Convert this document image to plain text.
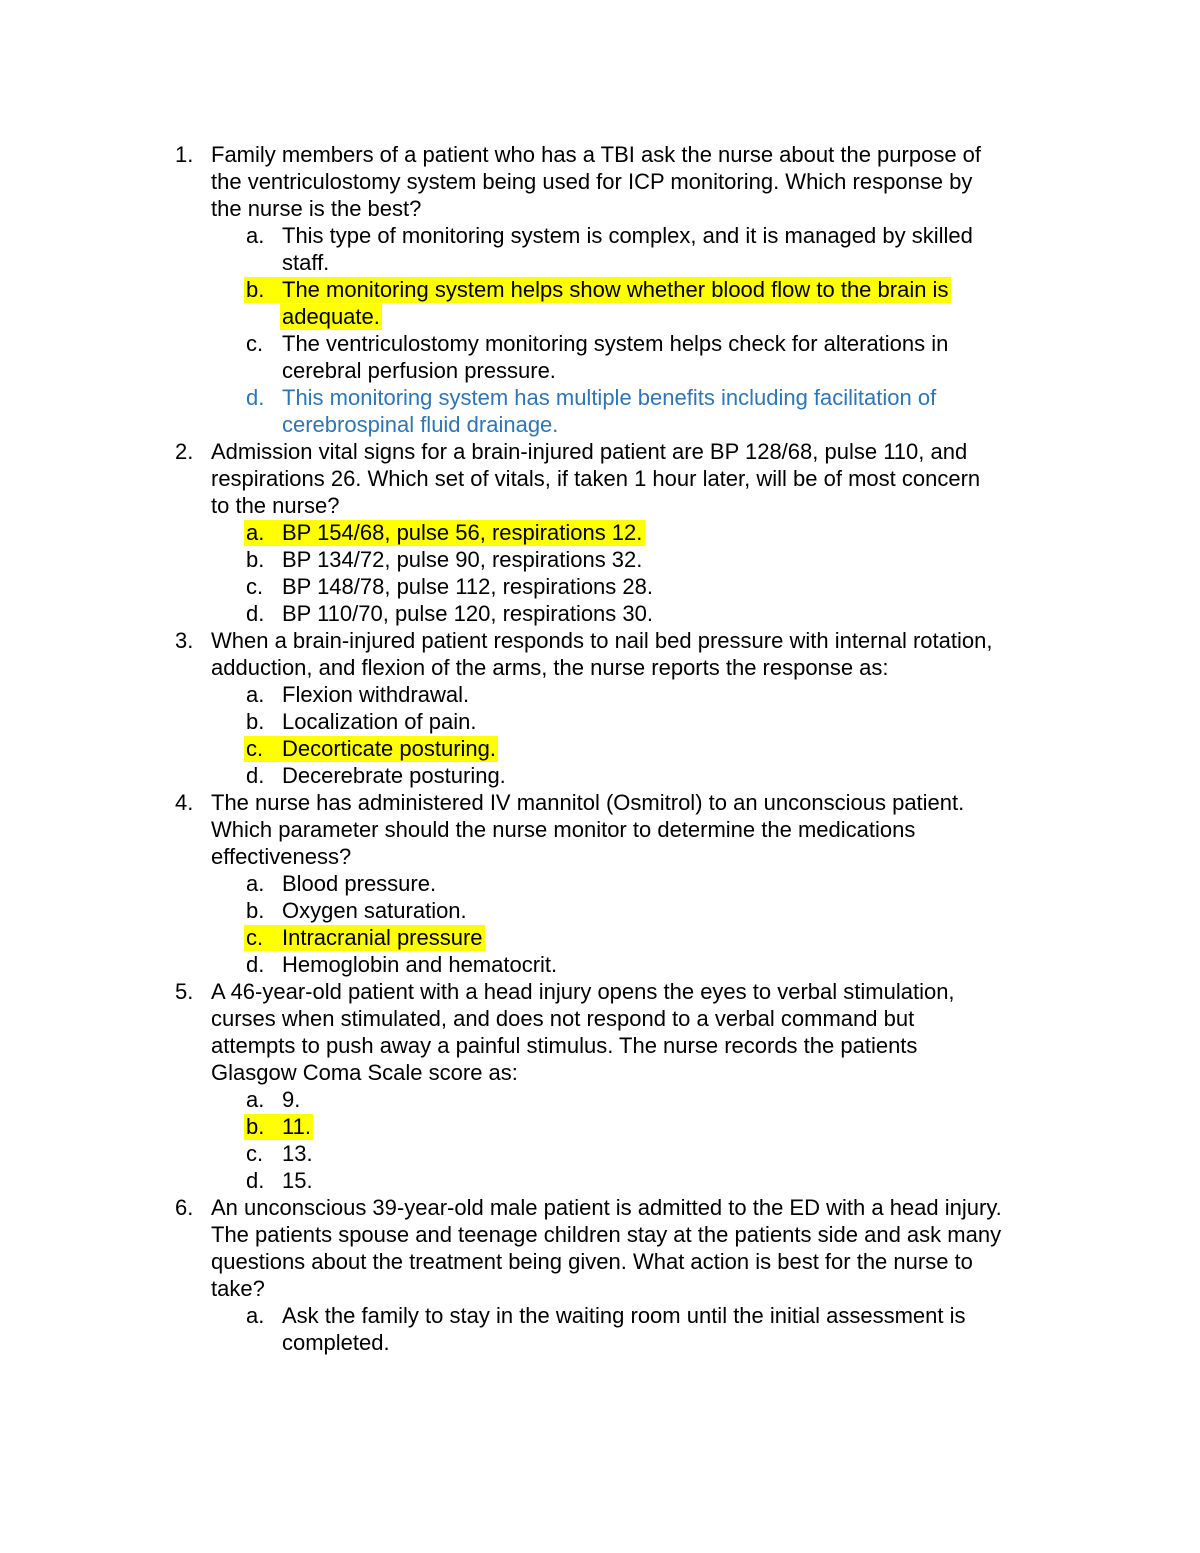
1. Family members of a patient who has a TBI ask the nurse about the purpose of
the ventriculostomy system being used for ICP monitoring. Which response by
the nurse is the best?
a. This type of monitoring system is complex, and it is managed by skilled
staff.
b. The monitoring system helps show whether blood flow to the brain is
adequate.
c. The ventriculostomy monitoring system helps check for alterations in
cerebral perfusion pressure.
d. This monitoring system has multiple benefits including facilitation of
cerebrospinal fluid drainage.
2. Admission vital signs for a brain-injured patient are BP 128/68, pulse 110, and
respirations 26. Which set of vitals, if taken 1 hour later, will be of most concern
to the nurse?
a. BP 154/68, pulse 56, respirations 12.
b. BP 134/72, pulse 90, respirations 32.
c. BP 148/78, pulse 112, respirations 28.
d. BP 110/70, pulse 120, respirations 30.
3. When a brain-injured patient responds to nail bed pressure with internal rotation,
adduction, and flexion of the arms, the nurse reports the response as:
a. Flexion withdrawal.
b. Localization of pain.
c. Decorticate posturing.
d. Decerebrate posturing.
4. The nurse has administered IV mannitol (Osmitrol) to an unconscious patient.
Which parameter should the nurse monitor to determine the medications
effectiveness?
a. Blood pressure.
b. Oxygen saturation.
c. Intracranial pressure
d. Hemoglobin and hematocrit.
5. A 46-year-old patient with a head injury opens the eyes to verbal stimulation,
curses when stimulated, and does not respond to a verbal command but
attempts to push away a painful stimulus. The nurse records the patients
Glasgow Coma Scale score as:
a. 9.
b. 11.
c. 13.
d. 15.
6. An unconscious 39-year-old male patient is admitted to the ED with a head injury.
The patients spouse and teenage children stay at the patients side and ask many
questions about the treatment being given. What action is best for the nurse to
take?
a. Ask the family to stay in the waiting room until the initial assessment is
completed.
